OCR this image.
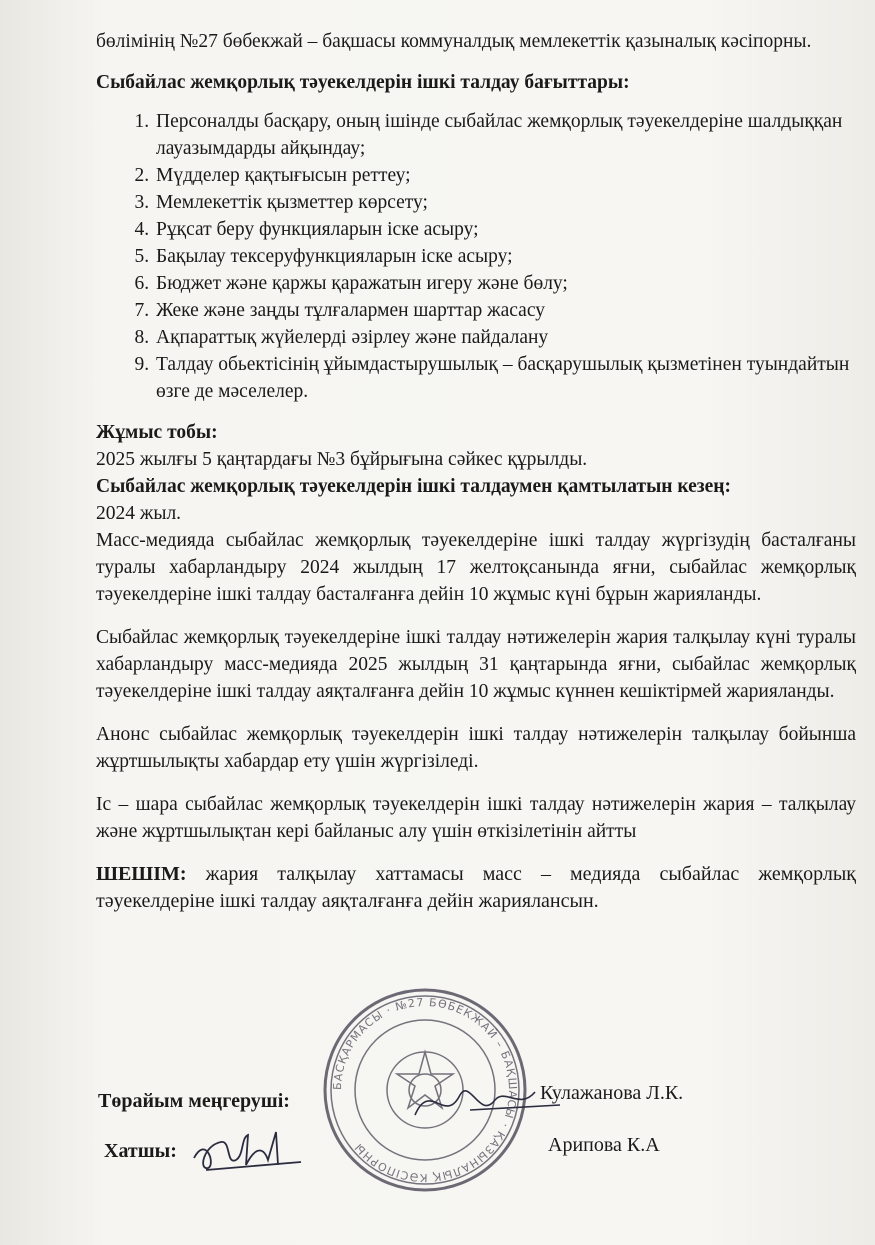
бөлімінің №27 бөбекжай – бақшасы коммуналдық мемлекеттік қазыналық кәсіпорны.

Сыбайлас жемқорлық тәуекелдерін ішкі талдау бағыттары:

1. Персоналды басқару, оның ішінде сыбайлас жемқорлық тәуекелдеріне шалдыққан лауазымдарды айқындау;
2. Мүдделер қақтығысын реттеу;
3. Мемлекеттік қызметтер көрсету;
4. Рұқсат беру функцияларын іске асыру;
5. Бақылау тексеруфункцияларын іске асыру;
6. Бюджет және қаржы қаражатын игеру және бөлу;
7. Жеке және заңды тұлғалармен шарттар жасасу
8. Ақпараттық жүйелерді әзірлеу және пайдалану
9. Талдау обьектісінің ұйымдастырушылық – басқарушылық қызметінен туындайтын өзге де мәселелер.

Жұмыс тобы:

2025 жылғы 5 қаңтардағы №3 бұйрығына сәйкес құрылды.

Сыбайлас жемқорлық тәуекелдерін ішкі талдаумен қамтылатын кезең:

2024 жыл.

Масс-медияда сыбайлас жемқорлық тәуекелдеріне ішкі талдау жүргізудің басталғаны туралы хабарландыру 2024 жылдың 17 желтоқсанында яғни, сыбайлас жемқорлық тәуекелдеріне ішкі талдау басталғанға дейін 10 жұмыс күні бұрын жарияланды.

Сыбайлас жемқорлық тәуекелдеріне ішкі талдау нәтижелерін жария талқылау күні туралы хабарландыру масс-медияда 2025 жылдың 31 қаңтарында яғни, сыбайлас жемқорлық тәуекелдеріне ішкі талдау аяқталғанға дейін 10 жұмыс күннен кешіктірмей жарияланды.

Анонс сыбайлас жемқорлық тәуекелдерін ішкі талдау нәтижелерін талқылау бойынша жұртшылықты хабардар ету үшін жүргізіледі.

Іс – шара сыбайлас жемқорлық тәуекелдерін ішкі талдау нәтижелерін жария – талқылау және жұртшылықтан кері байланыс алу үшін өткізілетінін айтты

ШЕШІМ: жария талқылау хаттамасы масс – медияда сыбайлас жемқорлық тәуекелдеріне ішкі талдау аяқталғанға дейін жариялансын.

БАСҚАРМАСЫ · №27 БӨБЕКЖАЙ – БАҚШАСЫ · ҚАЗЫНАЛЫҚ КӘСІПОРНЫ
Төрайым меңгеруші:	Кулажанова Л.К.
Хатшы:	Арипова К.А
